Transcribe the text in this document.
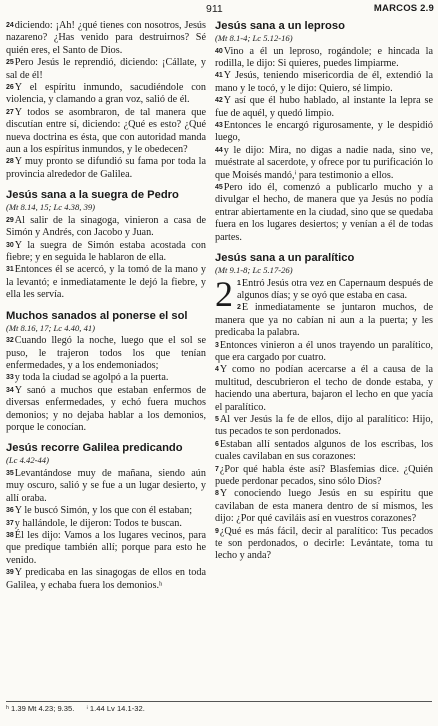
911	MARCOS 2.9

24diciendo: ¡Ah! ¿qué tienes con nosotros, Jesús nazareno? ¿Has venido para destruirnos? Sé quién eres, el Santo de Dios.

25Pero Jesús le reprendió, diciendo: ¡Cállate, y sal de él!

26Y el espíritu inmundo, sacudiéndole con violencia, y clamando a gran voz, salió de él.

27Y todos se asombraron, de tal manera que discutían entre sí, diciendo: ¿Qué es esto? ¿Qué nueva doctrina es ésta, que con autoridad manda aun a los espíritus inmundos, y le obedecen?

28Y muy pronto se difundió su fama por toda la provincia alrededor de Galilea.

Jesús sana a la suegra de Pedro
(Mt 8.14, 15; Lc 4.38, 39)

29Al salir de la sinagoga, vinieron a casa de Simón y Andrés, con Jacobo y Juan.

30Y la suegra de Simón estaba acostada con fiebre; y en seguida le hablaron de ella.

31Entonces él se acercó, y la tomó de la mano y la levantó; e inmediatamente le dejó la fiebre, y ella les servía.

Muchos sanados al ponerse el sol
(Mt 8.16, 17; Lc 4.40, 41)

32Cuando llegó la noche, luego que el sol se puso, le trajeron todos los que tenían enfermedades, y a los endemoniados;

33y toda la ciudad se agolpó a la puerta.

34Y sanó a muchos que estaban enfermos de diversas enfermedades, y echó fuera muchos demonios; y no dejaba hablar a los demonios, porque le conocían.

Jesús recorre Galilea predicando
(Lc 4.42-44)

35Levantándose muy de mañana, siendo aún muy oscuro, salió y se fue a un lugar desierto, y allí oraba.

36Y le buscó Simón, y los que con él estaban;

37y hallándole, le dijeron: Todos te buscan.

38Él les dijo: Vamos a los lugares vecinos, para que predique también allí; porque para esto he venido.

39Y predicaba en las sinagogas de ellos en toda Galilea, y echaba fuera los demonios.ʰ

Jesús sana a un leproso
(Mt 8.1-4; Lc 5.12-16)

40Vino a él un leproso, rogándole; e hincada la rodilla, le dijo: Si quieres, puedes limpiarme.

41Y Jesús, teniendo misericordia de él, extendió la mano y le tocó, y le dijo: Quiero, sé limpio.

42Y así que él hubo hablado, al instante la lepra se fue de aquél, y quedó limpio.

43Entonces le encargó rigurosamente, y le despidió luego,

44y le dijo: Mira, no digas a nadie nada, sino ve, muéstrate al sacerdote, y ofrece por tu purificación lo que Moisés mandó,ⁱ para testimonio a ellos.

45Pero ido él, comenzó a publicarlo mucho y a divulgar el hecho, de manera que ya Jesús no podía entrar abiertamente en la ciudad, sino que se quedaba fuera en los lugares desiertos; y venían a él de todas partes.

Jesús sana a un paralítico
(Mt 9.1-8; Lc 5.17-26)

2 1Entró Jesús otra vez en Capernaum después de algunos días; y se oyó que estaba en casa.

2E inmediatamente se juntaron muchos, de manera que ya no cabían ni aun a la puerta; y les predicaba la palabra.

3Entonces vinieron a él unos trayendo un paralítico, que era cargado por cuatro.

4Y como no podían acercarse a él a causa de la multitud, descubrieron el techo de donde estaba, y haciendo una abertura, bajaron el lecho en que yacía el paralítico.

5Al ver Jesús la fe de ellos, dijo al paralítico: Hijo, tus pecados te son perdonados.

6Estaban allí sentados algunos de los escribas, los cuales cavilaban en sus corazones:

7¿Por qué habla éste así? Blasfemias dice. ¿Quién puede perdonar pecados, sino sólo Dios?

8Y conociendo luego Jesús en su espíritu que cavilaban de esta manera dentro de sí mismos, les dijo: ¿Por qué caviláis así en vuestros corazones?

9¿Qué es más fácil, decir al paralítico: Tus pecados te son perdonados, o decirle: Levántate, toma tu lecho y anda?

ʰ 1.39 Mt 4.23; 9.35. ⁱ 1.44 Lv 14.1-32.
